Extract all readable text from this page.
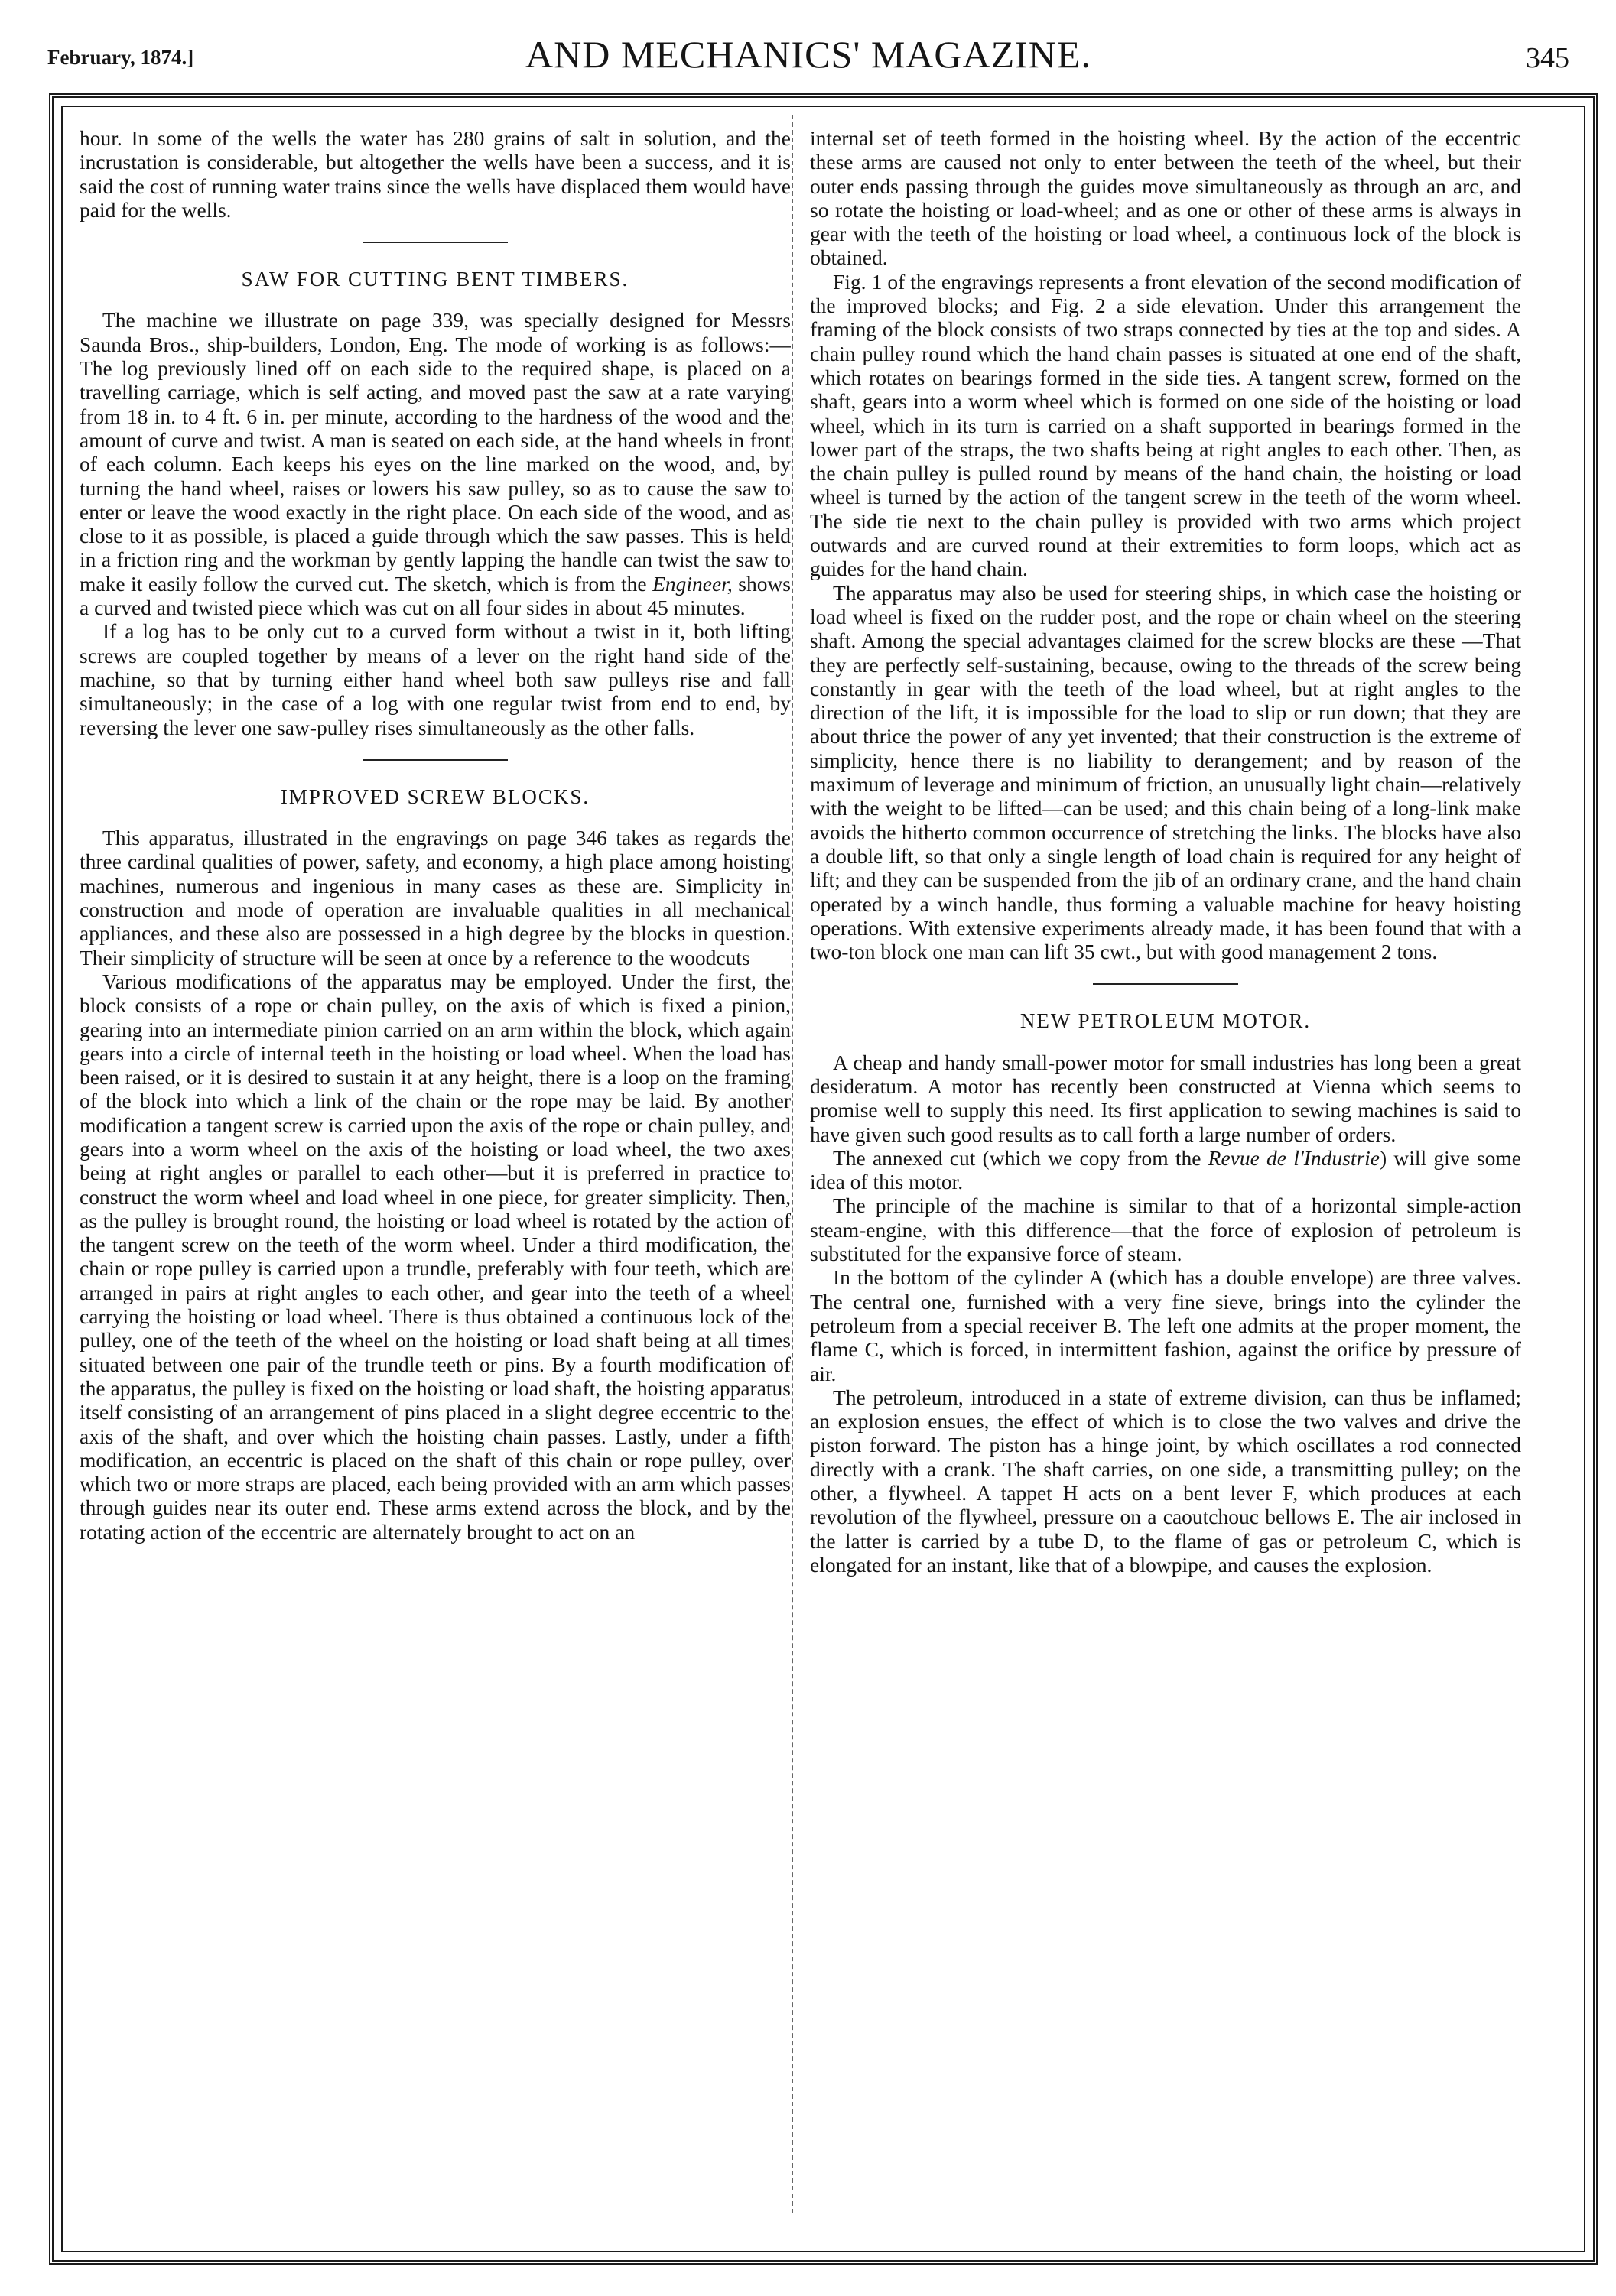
February, 1874.]	AND MECHANICS' MAGAZINE.	345

hour. In some of the wells the water has 280 grains of salt in solution, and the incrustation is considerable, but altogether the wells have been a success, and it is said the cost of running water trains since the wells have displaced them would have paid for the wells.

SAW FOR CUTTING BENT TIMBERS.

The machine we illustrate on page 339, was specially designed for Messrs Saunda Bros., ship-builders, London, Eng. The mode of working is as follows:—The log previously lined off on each side to the required shape, is placed on a travelling carriage, which is self acting, and moved past the saw at a rate varying from 18 in. to 4 ft. 6 in. per minute, according to the hardness of the wood and the amount of curve and twist. A man is seated on each side, at the hand wheels in front of each column. Each keeps his eyes on the line marked on the wood, and, by turning the hand wheel, raises or lowers his saw pulley, so as to cause the saw to enter or leave the wood exactly in the right place. On each side of the wood, and as close to it as possible, is placed a guide through which the saw passes. This is held in a friction ring and the workman by gently lapping the handle can twist the saw to make it easily follow the curved cut. The sketch, which is from the Engineer, shows a curved and twisted piece which was cut on all four sides in about 45 minutes.

If a log has to be only cut to a curved form without a twist in it, both lifting screws are coupled together by means of a lever on the right hand side of the machine, so that by turning either hand wheel both saw pulleys rise and fall simultaneously; in the case of a log with one regular twist from end to end, by reversing the lever one saw-pulley rises simultaneously as the other falls.

IMPROVED SCREW BLOCKS.

This apparatus, illustrated in the engravings on page 346 takes as regards the three cardinal qualities of power, safety, and economy, a high place among hoisting machines, numerous and ingenious in many cases as these are. Simplicity in construction and mode of operation are invaluable qualities in all mechanical appliances, and these also are possessed in a high degree by the blocks in question. Their simplicity of structure will be seen at once by a reference to the woodcuts

Various modifications of the apparatus may be employed. Under the first, the block consists of a rope or chain pulley, on the axis of which is fixed a pinion, gearing into an intermediate pinion carried on an arm within the block, which again gears into a circle of internal teeth in the hoisting or load wheel. When the load has been raised, or it is desired to sustain it at any height, there is a loop on the framing of the block into which a link of the chain or the rope may be laid. By another modification a tangent screw is carried upon the axis of the rope or chain pulley, and gears into a worm wheel on the axis of the hoisting or load wheel, the two axes being at right angles or parallel to each other—but it is preferred in practice to construct the worm wheel and load wheel in one piece, for greater simplicity. Then, as the pulley is brought round, the hoisting or load wheel is rotated by the action of the tangent screw on the teeth of the worm wheel. Under a third modification, the chain or rope pulley is carried upon a trundle, preferably with four teeth, which are arranged in pairs at right angles to each other, and gear into the teeth of a wheel carrying the hoisting or load wheel. There is thus obtained a continuous lock of the pulley, one of the teeth of the wheel on the hoisting or load shaft being at all times situated between one pair of the trundle teeth or pins. By a fourth modification of the apparatus, the pulley is fixed on the hoisting or load shaft, the hoisting apparatus itself consisting of an arrangement of pins placed in a slight degree eccentric to the axis of the shaft, and over which the hoisting chain passes. Lastly, under a fifth modification, an eccentric is placed on the shaft of this chain or rope pulley, over which two or more straps are placed, each being provided with an arm which passes through guides near its outer end. These arms extend across the block, and by the rotating action of the eccentric are alternately brought to act on an

internal set of teeth formed in the hoisting wheel. By the action of the eccentric these arms are caused not only to enter between the teeth of the wheel, but their outer ends passing through the guides move simultaneously as through an arc, and so rotate the hoisting or load-wheel; and as one or other of these arms is always in gear with the teeth of the hoisting or load wheel, a continuous lock of the block is obtained.

Fig. 1 of the engravings represents a front elevation of the second modification of the improved blocks; and Fig. 2 a side elevation. Under this arrangement the framing of the block consists of two straps connected by ties at the top and sides. A chain pulley round which the hand chain passes is situated at one end of the shaft, which rotates on bearings formed in the side ties. A tangent screw, formed on the shaft, gears into a worm wheel which is formed on one side of the hoisting or load wheel, which in its turn is carried on a shaft supported in bearings formed in the lower part of the straps, the two shafts being at right angles to each other. Then, as the chain pulley is pulled round by means of the hand chain, the hoisting or load wheel is turned by the action of the tangent screw in the teeth of the worm wheel. The side tie next to the chain pulley is provided with two arms which project outwards and are curved round at their extremities to form loops, which act as guides for the hand chain.

The apparatus may also be used for steering ships, in which case the hoisting or load wheel is fixed on the rudder post, and the rope or chain wheel on the steering shaft. Among the special advantages claimed for the screw blocks are these —That they are perfectly self-sustaining, because, owing to the threads of the screw being constantly in gear with the teeth of the load wheel, but at right angles to the direction of the lift, it is impossible for the load to slip or run down; that they are about thrice the power of any yet invented; that their construction is the extreme of simplicity, hence there is no liability to derangement; and by reason of the maximum of leverage and minimum of friction, an unusually light chain—relatively with the weight to be lifted—can be used; and this chain being of a long-link make avoids the hitherto common occurrence of stretching the links. The blocks have also a double lift, so that only a single length of load chain is required for any height of lift; and they can be suspended from the jib of an ordinary crane, and the hand chain operated by a winch handle, thus forming a valuable machine for heavy hoisting operations. With extensive experiments already made, it has been found that with a two-ton block one man can lift 35 cwt., but with good management 2 tons.

NEW PETROLEUM MOTOR.

A cheap and handy small-power motor for small industries has long been a great desideratum. A motor has recently been constructed at Vienna which seems to promise well to supply this need. Its first application to sewing machines is said to have given such good results as to call forth a large number of orders.

The annexed cut (which we copy from the Revue de l'Industrie) will give some idea of this motor.

The principle of the machine is similar to that of a horizontal simple-action steam-engine, with this difference—that the force of explosion of petroleum is substituted for the expansive force of steam.

In the bottom of the cylinder A (which has a double envelope) are three valves. The central one, furnished with a very fine sieve, brings into the cylinder the petroleum from a special receiver B. The left one admits at the proper moment, the flame C, which is forced, in intermittent fashion, against the orifice by pressure of air.

The petroleum, introduced in a state of extreme division, can thus be inflamed; an explosion ensues, the effect of which is to close the two valves and drive the piston forward. The piston has a hinge joint, by which oscillates a rod connected directly with a crank. The shaft carries, on one side, a transmitting pulley; on the other, a flywheel. A tappet H acts on a bent lever F, which produces at each revolution of the flywheel, pressure on a caoutchouc bellows E. The air inclosed in the latter is carried by a tube D, to the flame of gas or petroleum C, which is elongated for an instant, like that of a blowpipe, and causes the explosion.
